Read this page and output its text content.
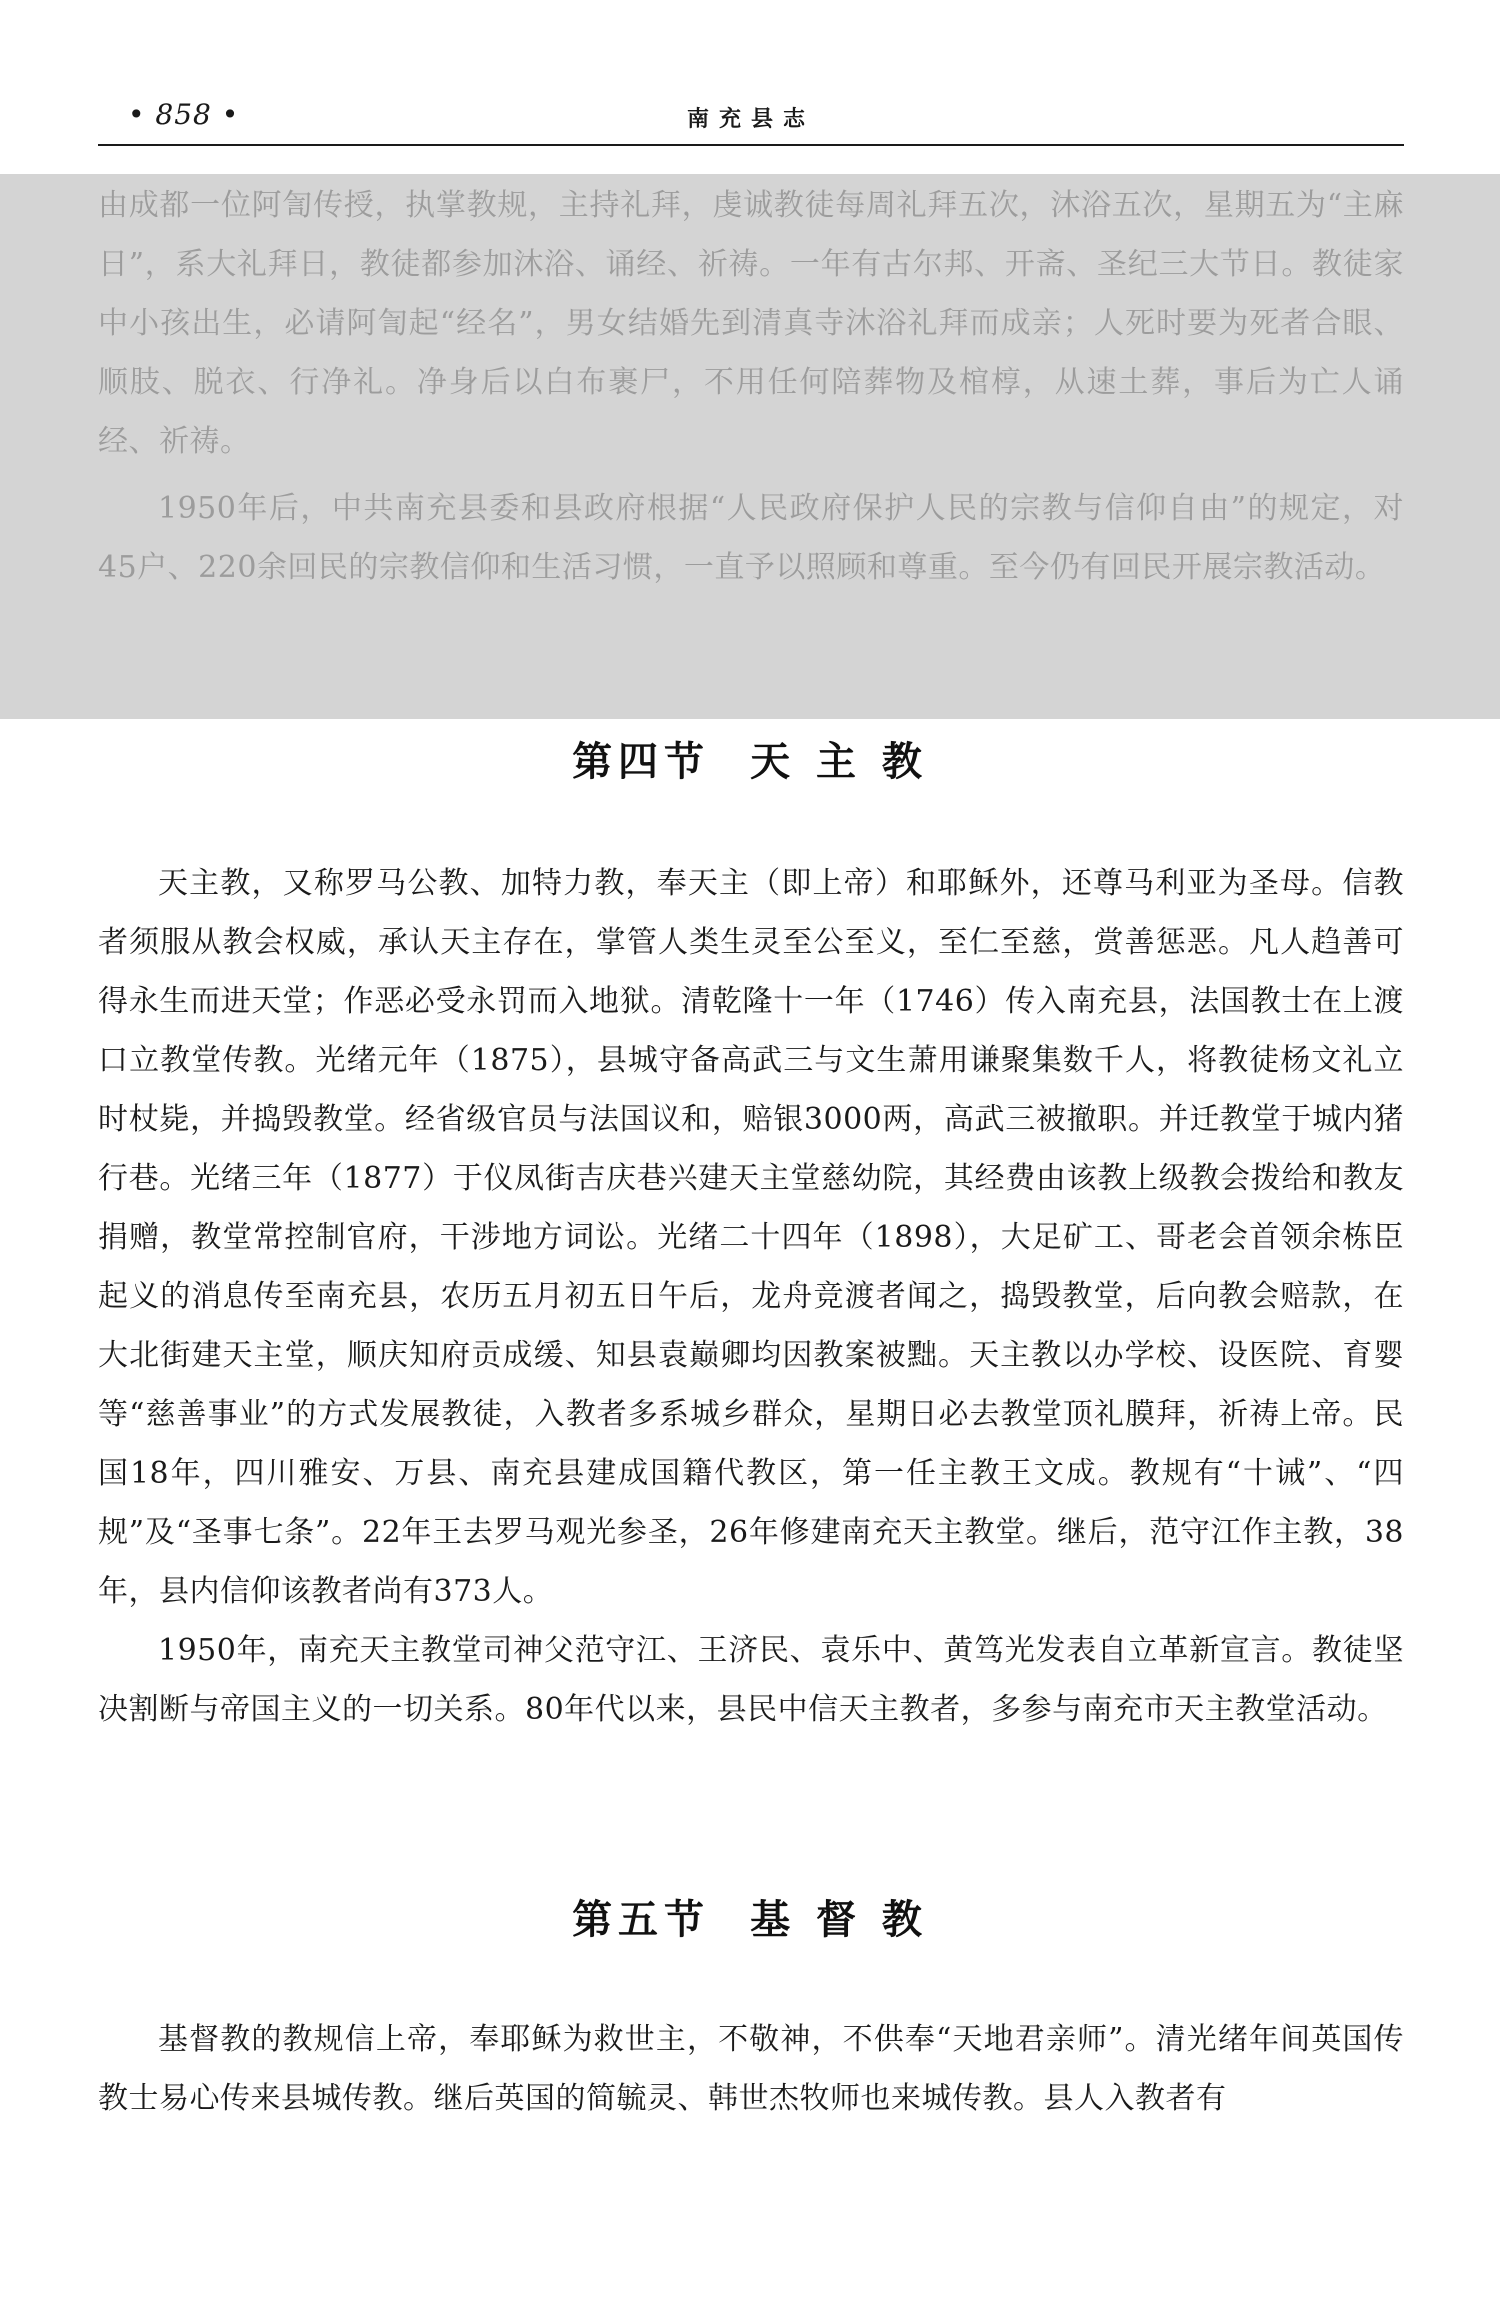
• 858 •	南充县志

由成都一位阿訇传授，执掌教规，主持礼拜，虔诚教徒每周礼拜五次，沐浴五次，星期五为“主麻日”，系大礼拜日，教徒都参加沐浴、诵经、祈祷。一年有古尔邦、开斋、圣纪三大节日。教徒家中小孩出生，必请阿訇起“经名”，男女结婚先到清真寺沐浴礼拜而成亲；人死时要为死者合眼、顺肢、脱衣、行净礼。净身后以白布裹尸，不用任何陪葬物及棺椁，从速土葬，事后为亡人诵经、祈祷。

1950年后，中共南充县委和县政府根据“人民政府保护人民的宗教与信仰自由”的规定，对45户、220余回民的宗教信仰和生活习惯，一直予以照顾和尊重。至今仍有回民开展宗教活动。

第四节 天 主 教

天主教，又称罗马公教、加特力教，奉天主（即上帝）和耶稣外，还尊马利亚为圣母。信教者须服从教会权威，承认天主存在，掌管人类生灵至公至义，至仁至慈，赏善惩恶。凡人趋善可得永生而进天堂；作恶必受永罚而入地狱。清乾隆十一年（1746）传入南充县，法国教士在上渡口立教堂传教。光绪元年（1875），县城守备高武三与文生萧用谦聚集数千人，将教徒杨文礼立时杖毙，并捣毁教堂。经省级官员与法国议和，赔银3000两，高武三被撤职。并迁教堂于城内猪行巷。光绪三年（1877）于仪凤街吉庆巷兴建天主堂慈幼院，其经费由该教上级教会拨给和教友捐赠，教堂常控制官府，干涉地方词讼。光绪二十四年（1898），大足矿工、哥老会首领余栋臣起义的消息传至南充县，农历五月初五日午后，龙舟竞渡者闻之，捣毁教堂，后向教会赔款，在大北街建天主堂，顺庆知府贡成缓、知县袁巅卿均因教案被黜。天主教以办学校、设医院、育婴等“慈善事业”的方式发展教徒，入教者多系城乡群众，星期日必去教堂顶礼膜拜，祈祷上帝。民国18年，四川雅安、万县、南充县建成国籍代教区，第一任主教王文成。教规有“十诫”、“四规”及“圣事七条”。22年王去罗马观光参圣，26年修建南充天主教堂。继后，范守江作主教，38年，县内信仰该教者尚有373人。

1950年，南充天主教堂司神父范守江、王济民、袁乐中、黄笃光发表自立革新宣言。教徒坚决割断与帝国主义的一切关系。80年代以来，县民中信天主教者，多参与南充市天主教堂活动。

第五节 基 督 教

基督教的教规信上帝，奉耶稣为救世主，不敬神，不供奉“天地君亲师”。清光绪年间英国传教士易心传来县城传教。继后英国的简毓灵、韩世杰牧师也来城传教。县人入教者有
